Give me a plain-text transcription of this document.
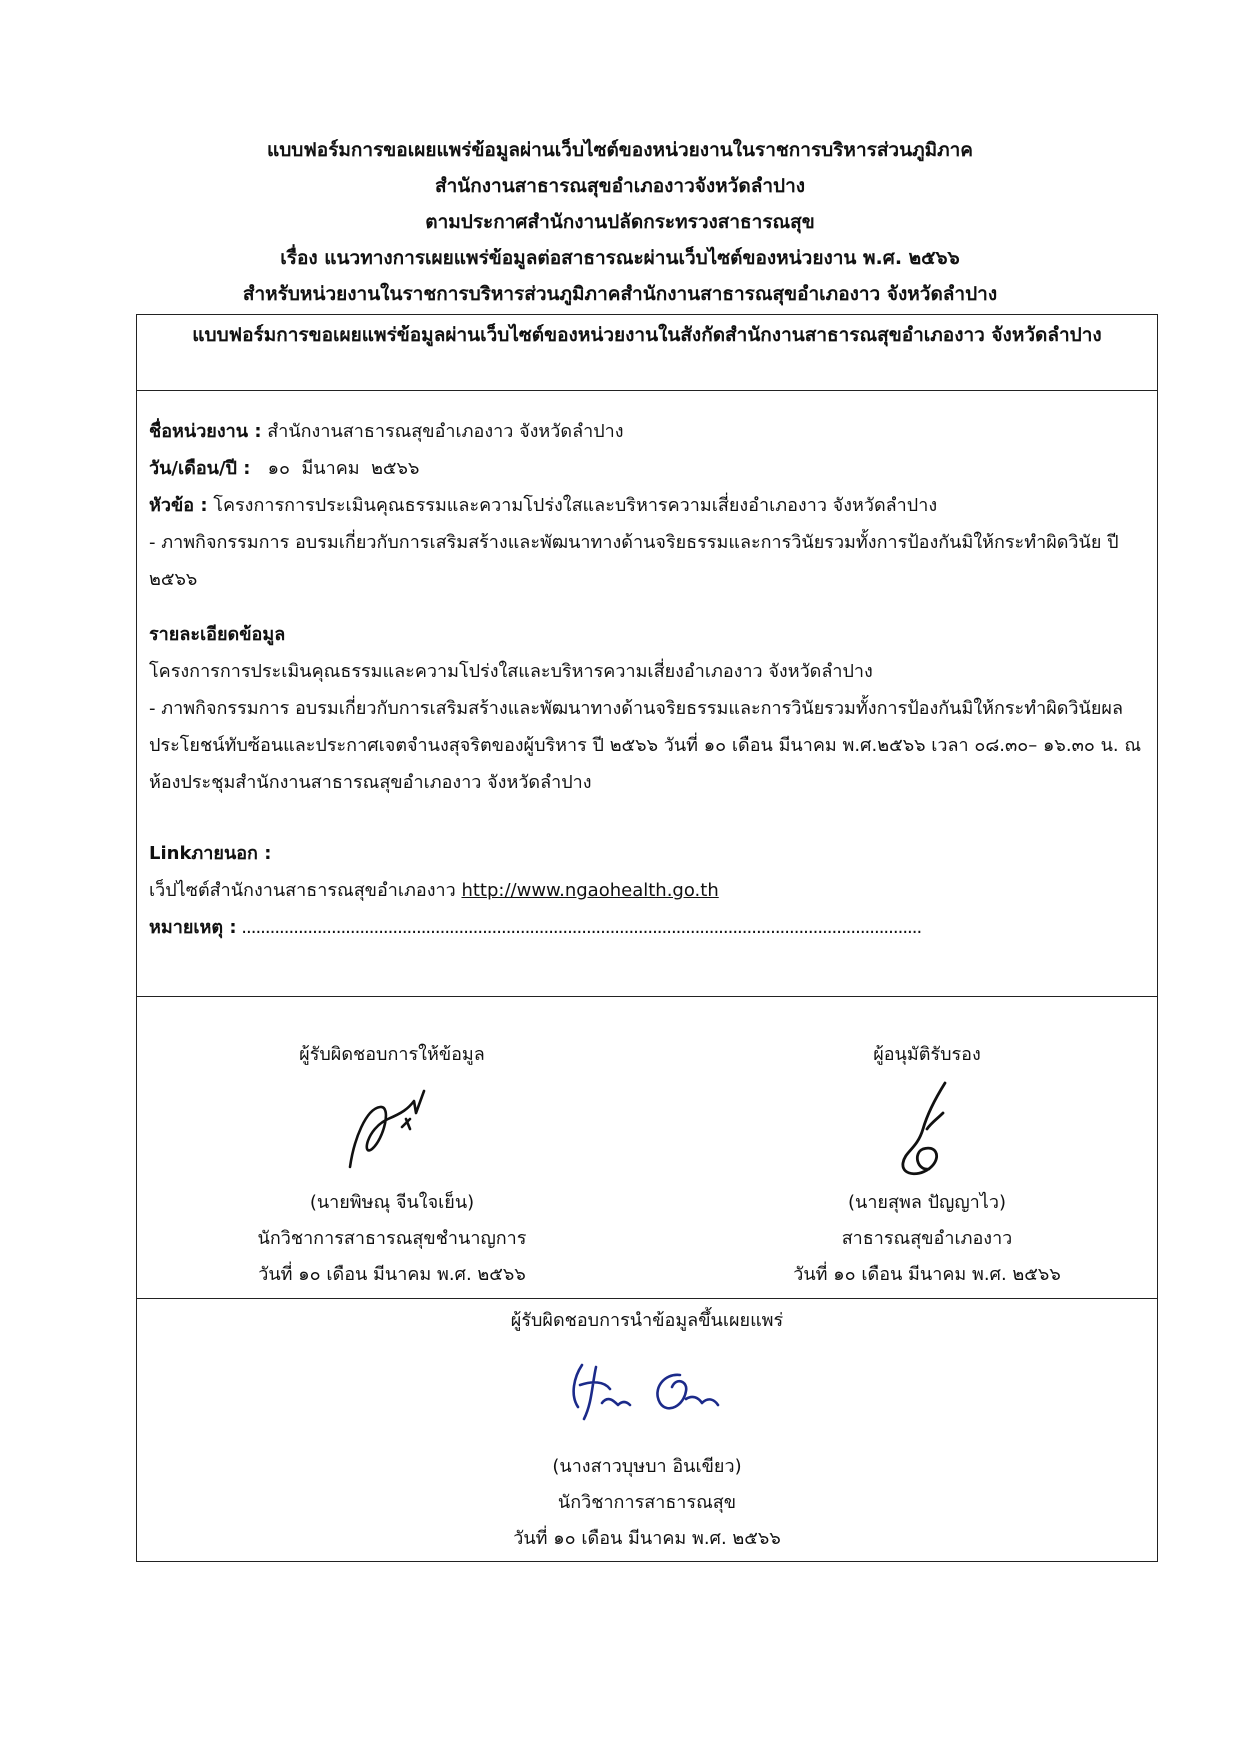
แบบฟอร์มการขอเผยแพร่ข้อมูลผ่านเว็บไซต์ของหน่วยงานในราชการบริหารส่วนภูมิภาค
สำนักงานสาธารณสุขอำเภองาวจังหวัดลำปาง
ตามประกาศสำนักงานปลัดกระทรวงสาธารณสุข
เรื่อง แนวทางการเผยแพร่ข้อมูลต่อสาธารณะผ่านเว็บไซต์ของหน่วยงาน พ.ศ. ๒๕๖๖
สำหรับหน่วยงานในราชการบริหารส่วนภูมิภาคสำนักงานสาธารณสุขอำเภองาว จังหวัดลำปาง
แบบฟอร์มการขอเผยแพร่ข้อมูลผ่านเว็บไซต์ของหน่วยงานในสังกัดสำนักงานสาธารณสุขอำเภองาว จังหวัดลำปาง
ชื่อหน่วยงาน : สำนักงานสาธารณสุขอำเภองาว จังหวัดลำปาง
วัน/เดือน/ปี :   ๑๐  มีนาคม  ๒๕๖๖
หัวข้อ : โครงการการประเมินคุณธรรมและความโปร่งใสและบริหารความเสี่ยงอำเภองาว จังหวัดลำปาง
- ภาพกิจกรรมการ อบรมเกี่ยวกับการเสริมสร้างและพัฒนาทางด้านจริยธรรมและการวินัยรวมทั้งการป้องกันมิให้กระทำผิดวินัย ปี ๒๕๖๖
รายละเอียดข้อมูล
โครงการการประเมินคุณธรรมและความโปร่งใสและบริหารความเสี่ยงอำเภองาว จังหวัดลำปาง
- ภาพกิจกรรมการ อบรมเกี่ยวกับการเสริมสร้างและพัฒนาทางด้านจริยธรรมและการวินัยรวมทั้งการป้องกันมิให้กระทำผิดวินัยผลประโยชน์ทับซ้อนและประกาศเจตจำนงสุจริตของผู้บริหาร ปี ๒๕๖๖ วันที่ ๑๐ เดือน มีนาคม พ.ศ.๒๕๖๖ เวลา ๐๘.๓๐– ๑๖.๓๐ น. ณ ห้องประชุมสำนักงานสาธารณสุขอำเภองาว จังหวัดลำปาง
Linkภายนอก :
เว็ปไซต์สำนักงานสาธารณสุขอำเภองาว http://www.ngaohealth.go.th
หมายเหตุ : ................................................................................................................................................
ผู้รับผิดชอบการให้ข้อมูล
(นายพิษณุ จีนใจเย็น)
นักวิชาการสาธารณสุขชำนาญการ
วันที่ ๑๐ เดือน มีนาคม พ.ศ. ๒๕๖๖
ผู้อนุมัติรับรอง
(นายสุพล ปัญญาไว)
สาธารณสุขอำเภองาว
วันที่ ๑๐ เดือน มีนาคม พ.ศ. ๒๕๖๖
ผู้รับผิดชอบการนำข้อมูลขึ้นเผยแพร่
(นางสาวบุษบา อินเขียว)
นักวิชาการสาธารณสุข
วันที่ ๑๐ เดือน มีนาคม พ.ศ. ๒๕๖๖
